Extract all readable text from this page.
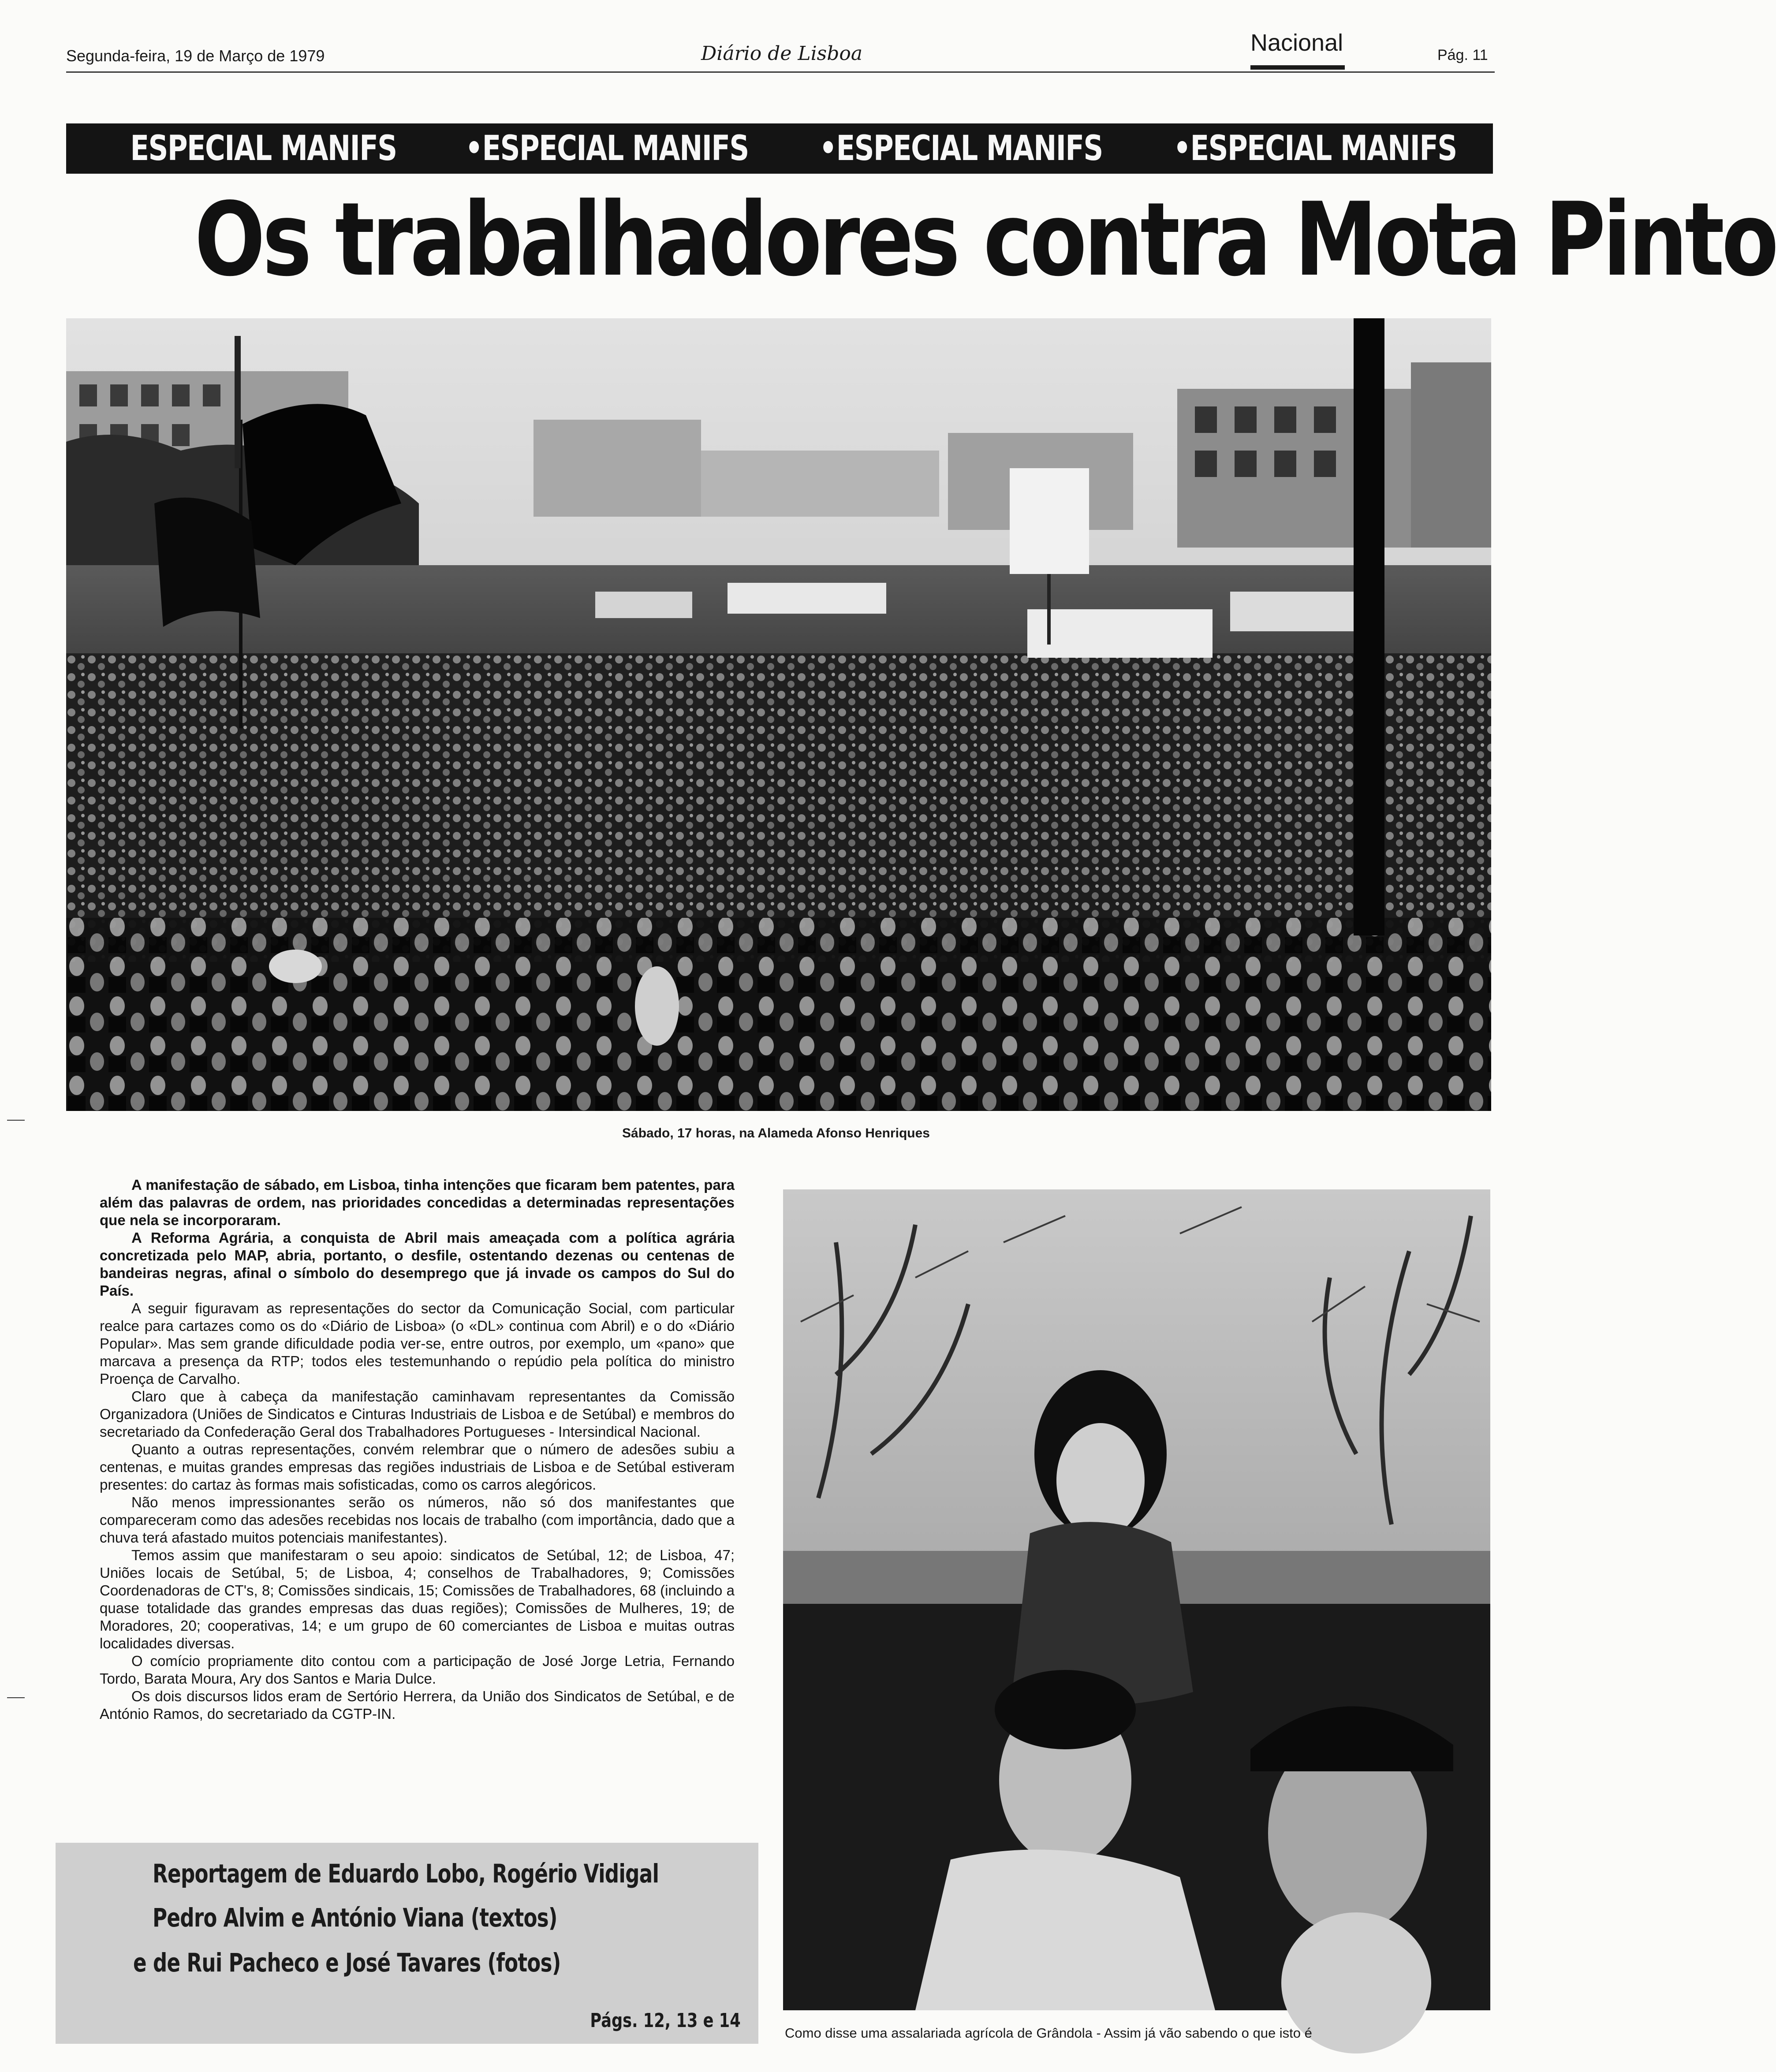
Segunda-feira, 19 de Março de 1979	Diário de Lisboa	Nacional	Pág. 11
ESPECIAL MANIFS •ESPECIAL MANIFS •ESPECIAL MANIFS •ESPECIAL MANIFS
Os trabalhadores contra Mota Pinto
Sábado, 17 horas, na Alameda Afonso Henriques

A manifestação de sábado, em Lisboa, tinha intenções que ficaram bem patentes, para além das palavras de ordem, nas prioridades concedidas a determinadas representações que nela se incorporaram.

A Reforma Agrária, a conquista de Abril mais ameaçada com a política agrária concretizada pelo MAP, abria, portanto, o desfile, ostentando dezenas ou centenas de bandeiras negras, afinal o símbolo do desemprego que já invade os campos do Sul do País.

A seguir figuravam as representações do sector da Comunicação Social, com particular realce para cartazes como os do «Diário de Lisboa» (o «DL» continua com Abril) e o do «Diário Popular». Mas sem grande dificuldade podia ver-se, entre outros, por exemplo, um «pano» que marcava a presença da RTP; todos eles testemunhando o repúdio pela política do ministro Proença de Carvalho.

Claro que à cabeça da manifestação caminhavam representantes da Comissão Organizadora (Uniões de Sindicatos e Cinturas Industriais de Lisboa e de Setúbal) e membros do secretariado da Confederação Geral dos Trabalhadores Portugueses - Intersindical Nacional.

Quanto a outras representações, convém relembrar que o número de adesões subiu a centenas, e muitas grandes empresas das regiões industriais de Lisboa e de Setúbal estiveram presentes: do cartaz às formas mais sofisticadas, como os carros alegóricos.

Não menos impressionantes serão os números, não só dos manifestantes que compareceram como das adesões recebidas nos locais de trabalho (com importância, dado que a chuva terá afastado muitos potenciais manifestantes).

Temos assim que manifestaram o seu apoio: sindicatos de Setúbal, 12; de Lisboa, 47; Uniões locais de Setúbal, 5; de Lisboa, 4; conselhos de Trabalhadores, 9; Comissões Coordenadoras de CT's, 8; Comissões sindicais, 15; Comissões de Trabalhadores, 68 (incluindo a quase totalidade das grandes empresas das duas regiões); Comissões de Mulheres, 19; de Moradores, 20; cooperativas, 14; e um grupo de 60 comerciantes de Lisboa e muitas outras localidades diversas.

O comício propriamente dito contou com a participação de José Jorge Letria, Fernando Tordo, Barata Moura, Ary dos Santos e Maria Dulce.

Os dois discursos lidos eram de Sertório Herrera, da União dos Sindicatos de Setúbal, e de António Ramos, do secretariado da CGTP-IN.

Reportagem de Eduardo Lobo, Rogério Vidigal
Pedro Alvim e António Viana (textos)
e de Rui Pacheco e José Tavares (fotos)
Págs. 12, 13 e 14
Como disse uma assalariada agrícola de Grândola - Assim já vão sabendo o que isto é
